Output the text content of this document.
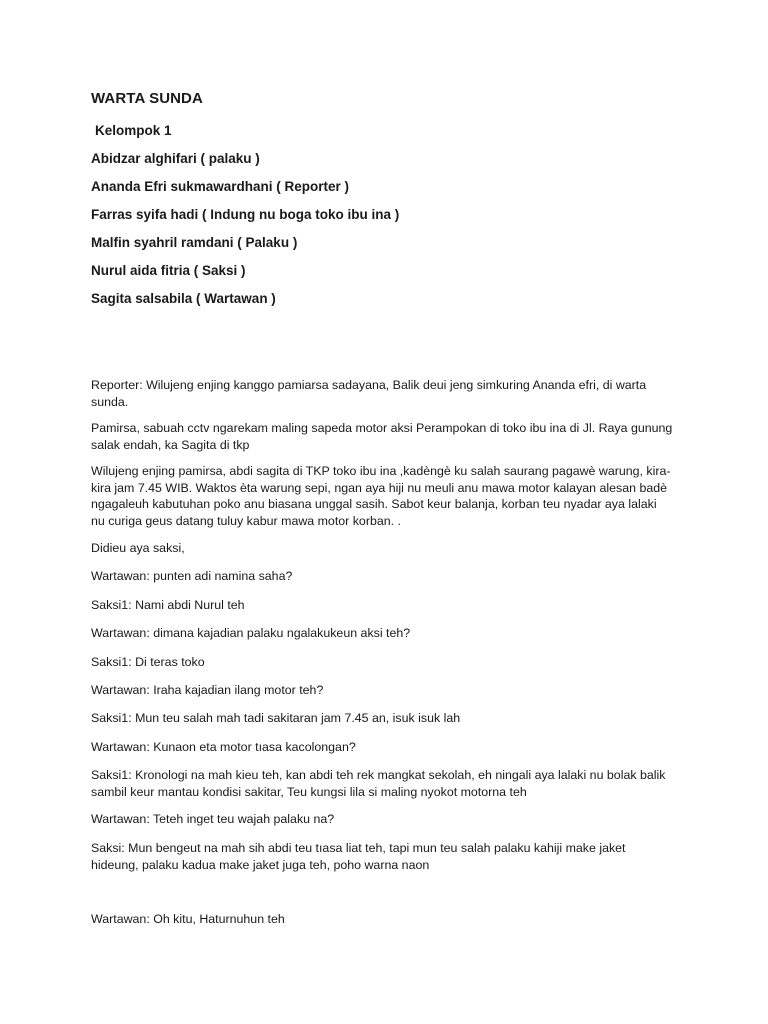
WARTA SUNDA
Kelompok 1
Abidzar alghifari ( palaku )
Ananda Efri sukmawardhani ( Reporter )
Farras syifa hadi ( Indung nu boga toko ibu ina )
Malfin syahril ramdani ( Palaku )
Nurul aida fitria ( Saksi )
Sagita salsabila ( Wartawan )
Reporter: Wilujeng enjing kanggo pamiarsa sadayana, Balik deui jeng simkuring Ananda efri, di warta
sunda.
Pamirsa, sabuah cctv ngarekam maling sapeda motor aksi Perampokan di toko ibu ina di Jl. Raya gunung
salak endah, ka Sagita di tkp
Wilujeng enjing pamirsa, abdi sagita di TKP toko ibu ina ,kadèngè ku salah saurang pagawè warung, kira-
kira jam 7.45 WIB. Waktos èta warung sepi, ngan aya hiji nu meuli anu mawa motor kalayan alesan badè
ngagaleuh kabutuhan poko anu biasana unggal sasih. Sabot keur balanja, korban teu nyadar aya lalaki
nu curiga geus datang tuluy kabur mawa motor korban. .
Didieu aya saksi,
Wartawan: punten adi namina saha?
Saksi1: Nami abdi Nurul teh
Wartawan: dimana kajadian palaku ngalakukeun aksi teh?
Saksi1: Di teras toko
Wartawan: Iraha kajadian ilang motor teh?
Saksi1: Mun teu salah mah tadi sakitaran jam 7.45 an, isuk isuk lah
Wartawan: Kunaon eta motor tıasa kacolongan?
Saksi1: Kronologi na mah kieu teh, kan abdi teh rek mangkat sekolah, eh ningali aya lalaki nu bolak balik
sambil keur mantau kondisi sakitar, Teu kungsi lila si maling nyokot motorna teh
Wartawan: Teteh inget teu wajah palaku na?
Saksi: Mun bengeut na mah sih abdi teu tıasa liat teh, tapi mun teu salah palaku kahiji make jaket
hideung, palaku kadua make jaket juga teh, poho warna naon
Wartawan: Oh kitu, Haturnuhun teh
